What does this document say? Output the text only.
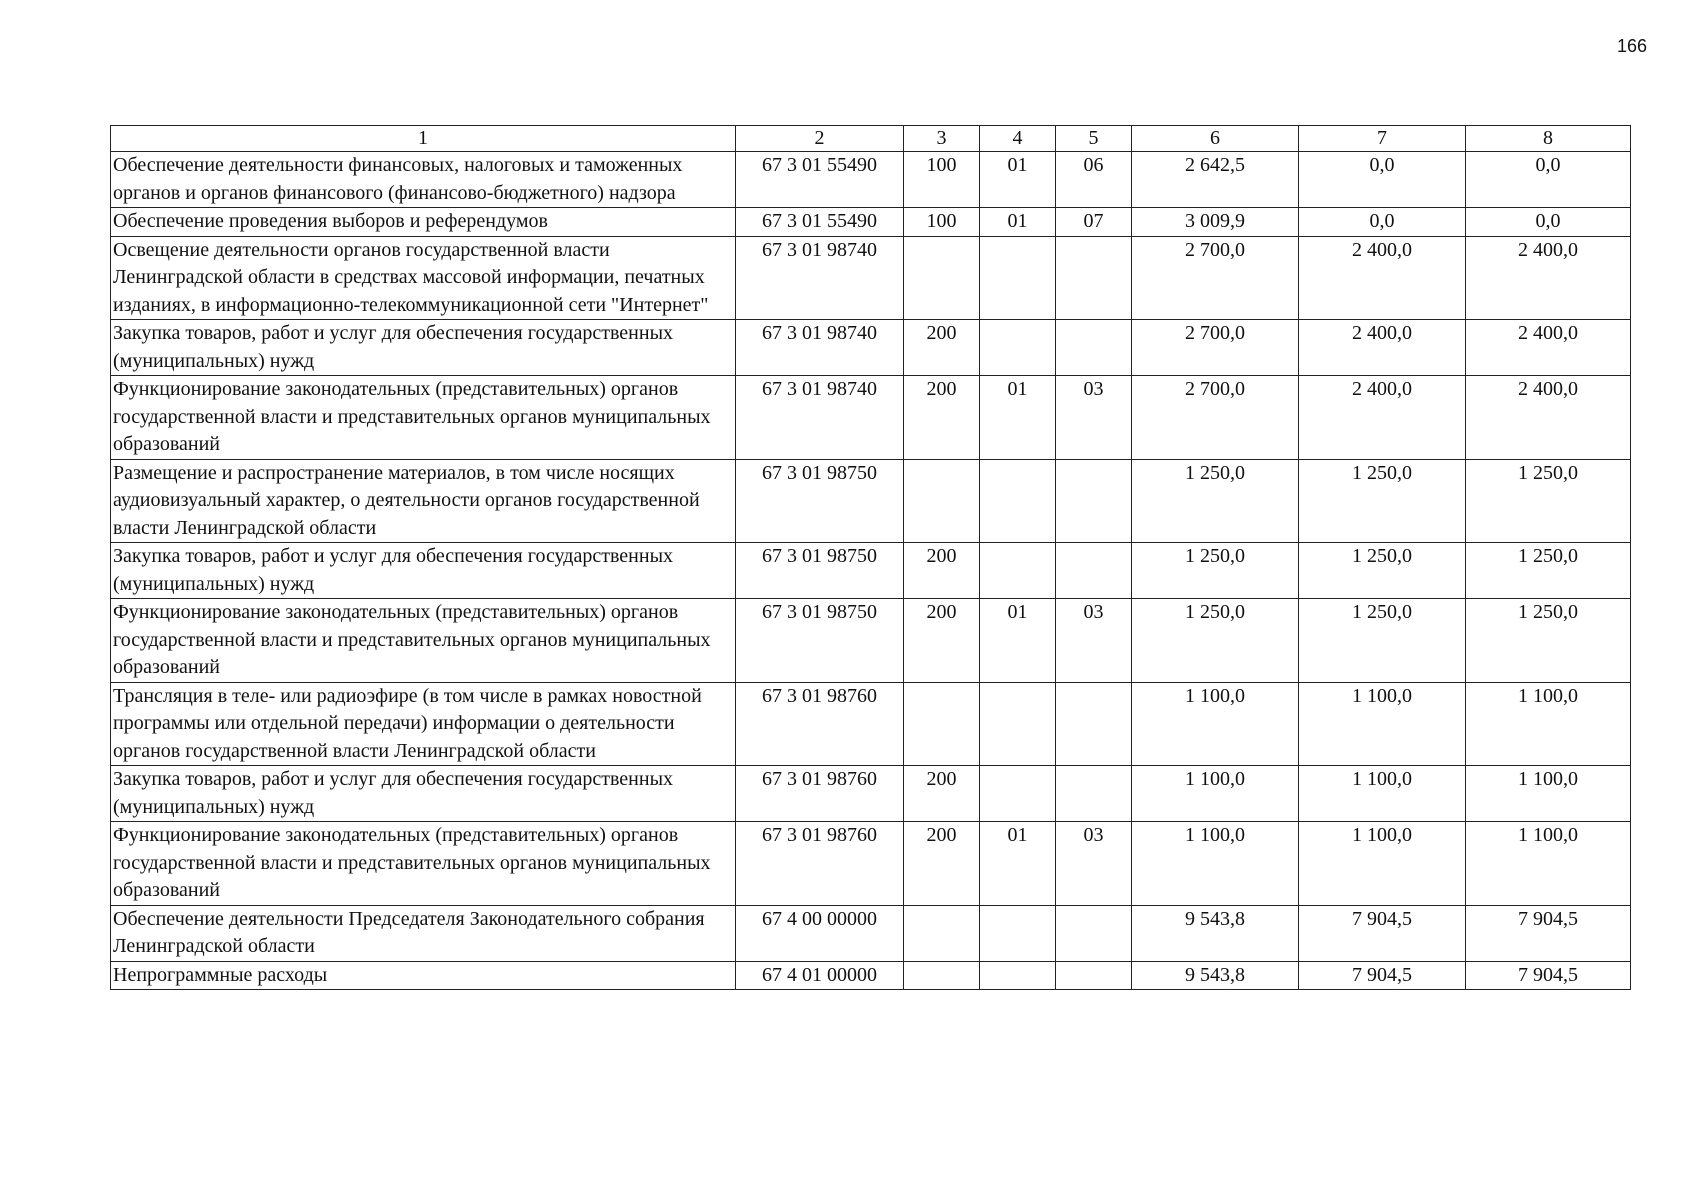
166
1	2	3	4	5	6	7	8
Обеспечение деятельности финансовых, налоговых и таможенных органов и органов финансового (финансово-бюджетного) надзора	67 3 01 55490	100	01	06	2 642,5	0,0	0,0
Обеспечение проведения выборов и референдумов	67 3 01 55490	100	01	07	3 009,9	0,0	0,0
Освещение деятельности органов государственной власти Ленинградской области в средствах массовой информации, печатных изданиях, в информационно-телекоммуникационной сети "Интернет"	67 3 01 98740				2 700,0	2 400,0	2 400,0
Закупка товаров, работ и услуг для обеспечения государственных (муниципальных) нужд	67 3 01 98740	200			2 700,0	2 400,0	2 400,0
Функционирование законодательных (представительных) органов государственной власти и представительных органов муниципальных образований	67 3 01 98740	200	01	03	2 700,0	2 400,0	2 400,0
Размещение и распространение материалов, в том числе носящих аудиовизуальный характер, о деятельности органов государственной власти Ленинградской области	67 3 01 98750				1 250,0	1 250,0	1 250,0
Закупка товаров, работ и услуг для обеспечения государственных (муниципальных) нужд	67 3 01 98750	200			1 250,0	1 250,0	1 250,0
Функционирование законодательных (представительных) органов государственной власти и представительных органов муниципальных образований	67 3 01 98750	200	01	03	1 250,0	1 250,0	1 250,0
Трансляция в теле- или радиоэфире (в том числе в рамках новостной программы или отдельной передачи) информации о деятельности органов государственной власти Ленинградской области	67 3 01 98760				1 100,0	1 100,0	1 100,0
Закупка товаров, работ и услуг для обеспечения государственных (муниципальных) нужд	67 3 01 98760	200			1 100,0	1 100,0	1 100,0
Функционирование законодательных (представительных) органов государственной власти и представительных органов муниципальных образований	67 3 01 98760	200	01	03	1 100,0	1 100,0	1 100,0
Обеспечение деятельности Председателя Законодательного собрания Ленинградской области	67 4 00 00000				9 543,8	7 904,5	7 904,5
Непрограммные расходы	67 4 01 00000				9 543,8	7 904,5	7 904,5
